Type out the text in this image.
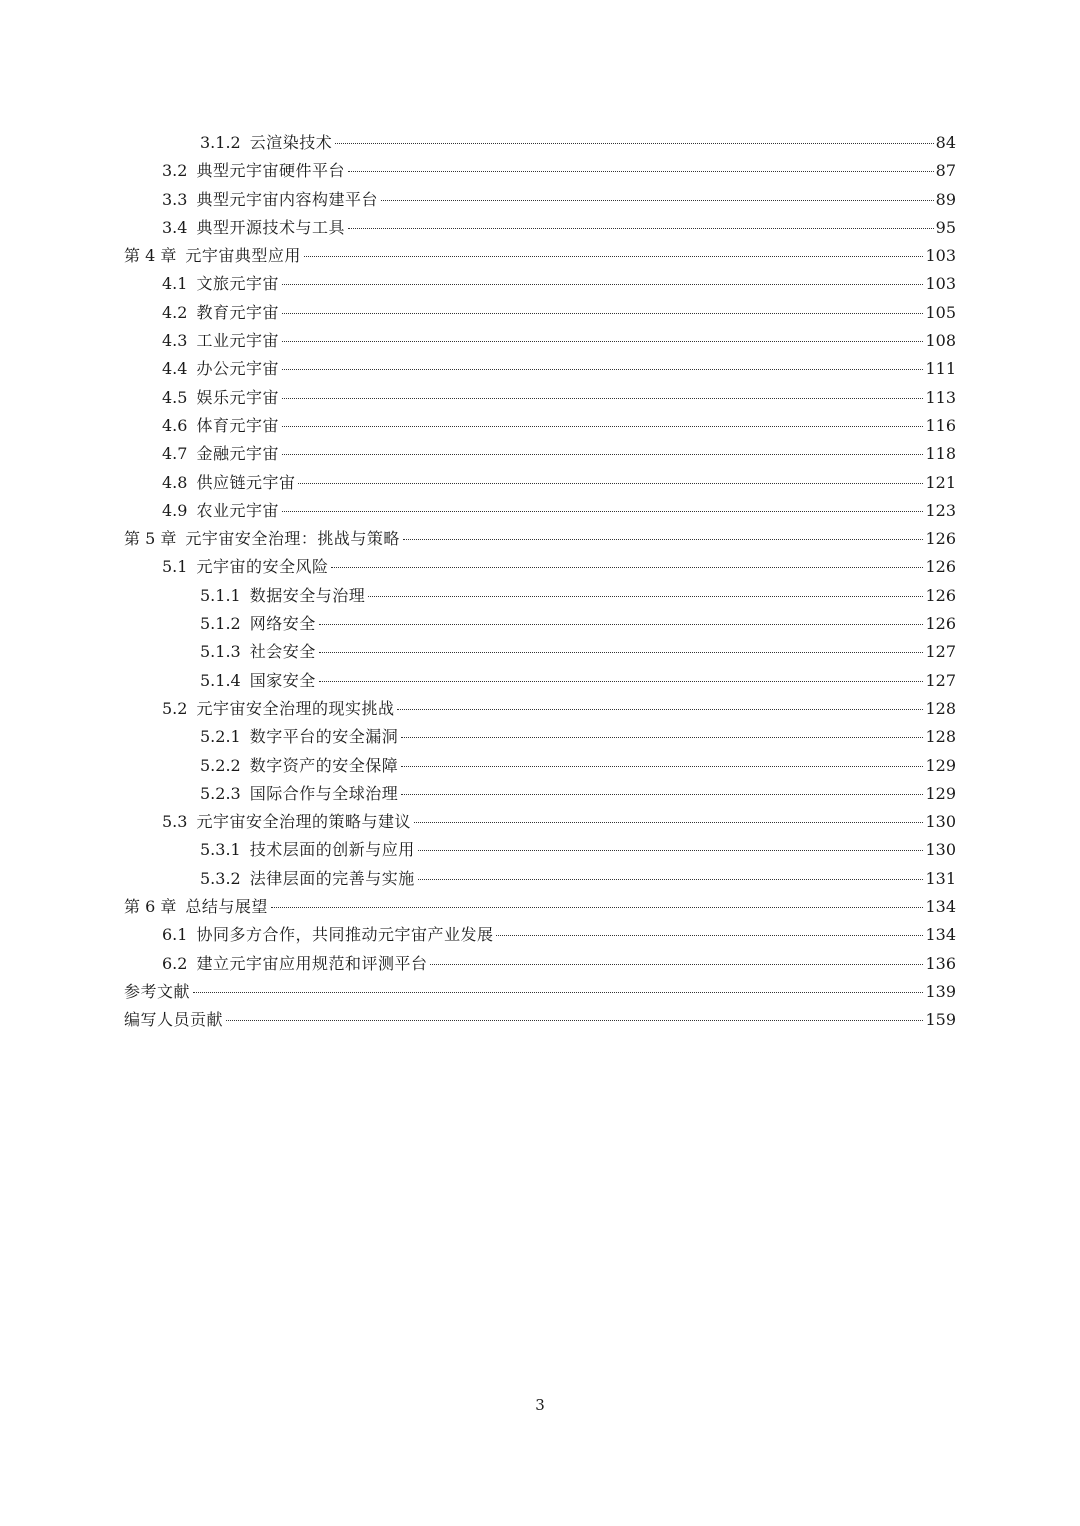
3.1.2 云渲染技术	84
3.2 典型元宇宙硬件平台	87
3.3 典型元宇宙内容构建平台	89
3.4 典型开源技术与工具	95
第 4 章 元宇宙典型应用	103
4.1 文旅元宇宙	103
4.2 教育元宇宙	105
4.3 工业元宇宙	108
4.4 办公元宇宙	111
4.5 娱乐元宇宙	113
4.6 体育元宇宙	116
4.7 金融元宇宙	118
4.8 供应链元宇宙	121
4.9 农业元宇宙	123
第 5 章 元宇宙安全治理：挑战与策略	126
5.1 元宇宙的安全风险	126
5.1.1 数据安全与治理	126
5.1.2 网络安全	126
5.1.3 社会安全	127
5.1.4 国家安全	127
5.2 元宇宙安全治理的现实挑战	128
5.2.1 数字平台的安全漏洞	128
5.2.2 数字资产的安全保障	129
5.2.3 国际合作与全球治理	129
5.3 元宇宙安全治理的策略与建议	130
5.3.1 技术层面的创新与应用	130
5.3.2 法律层面的完善与实施	131
第 6 章 总结与展望	134
6.1 协同多方合作，共同推动元宇宙产业发展	134
6.2 建立元宇宙应用规范和评测平台	136
参考文献	139
编写人员贡献	159
3
